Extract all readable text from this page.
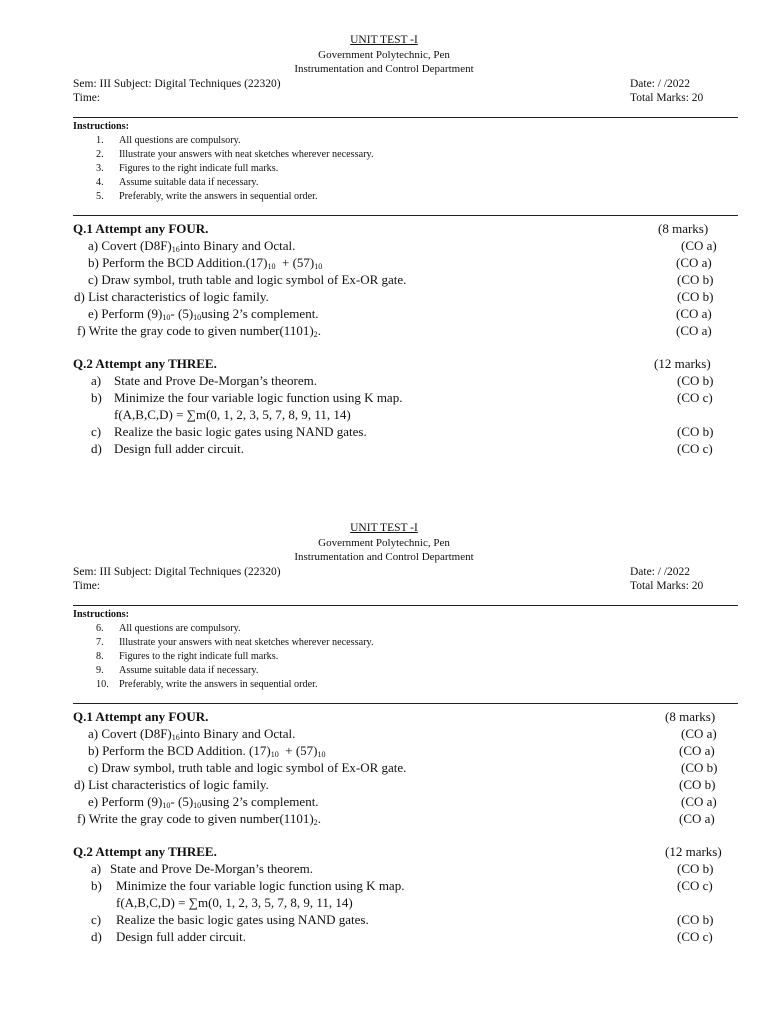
UNIT TEST -I
Government Polytechnic, Pen
Instrumentation and Control Department
Sem: III Subject: Digital Techniques (22320)	Date: / /2022
Time:	Total Marks: 20
Instructions:
1. All questions are compulsory.
2. Illustrate your answers with neat sketches wherever necessary.
3. Figures to the right indicate full marks.
4. Assume suitable data if necessary.
5. Preferably, write the answers in sequential order.
Q.1 Attempt any FOUR.	(8 marks)
a) Covert $(D8F)_{16}into$ Binary and Octal.	(CO a)
b) Perform the BCD $Addition.(17)_{10} + (57)_{10}$	(CO a)
c) Draw symbol, truth table and logic symbol of Ex-OR gate.	(CO b)
d) List characteristics of logic family.	(CO b)
e) Perform $(9)_{10}-$ $(5)_{10}using$ 2’s complement.	(CO a)
f) Write the gray code to given $number(1101)_2$.	(CO a)
Q.2 Attempt any THREE.	(12 marks)
a) State and Prove De-Morgan’s theorem.	(CO b)
b) Minimize the four variable logic function using K map.	(CO c)
f(A,B,C,D) = ∑m(0, 1, 2, 3, 5, 7, 8, 9, 11, 14)
c) Realize the basic logic gates using NAND gates.	(CO b)
d) Design full adder circuit.	(CO c)
UNIT TEST -I
Government Polytechnic, Pen
Instrumentation and Control Department
Sem: III Subject: Digital Techniques (22320)	Date: / /2022
Time:	Total Marks: 20
Instructions:
6. All questions are compulsory.
7. Illustrate your answers with neat sketches wherever necessary.
8. Figures to the right indicate full marks.
9. Assume suitable data if necessary.
10. Preferably, write the answers in sequential order.
Q.1 Attempt any FOUR.	(8 marks)
a) Covert $(D8F)_{16}into$ Binary and Octal.	(CO a)
b) Perform the BCD Addition. $(17)_{10} + (57)_{10}$	(CO a)
c) Draw symbol, truth table and logic symbol of Ex-OR gate.	(CO b)
d) List characteristics of logic family.	(CO b)
e) Perform $(9)_{10}-$ $(5)_{10}using$ 2’s complement.	(CO a)
f) Write the gray code to given $number(1101)_2$.	(CO a)
Q.2 Attempt any THREE.	(12 marks)
a) State and Prove De-Morgan’s theorem.	(CO b)
b) Minimize the four variable logic function using K map.	(CO c)
f(A,B,C,D) = ∑m(0, 1, 2, 3, 5, 7, 8, 9, 11, 14)
c) Realize the basic logic gates using NAND gates.	(CO b)
d) Design full adder circuit.	(CO c)
